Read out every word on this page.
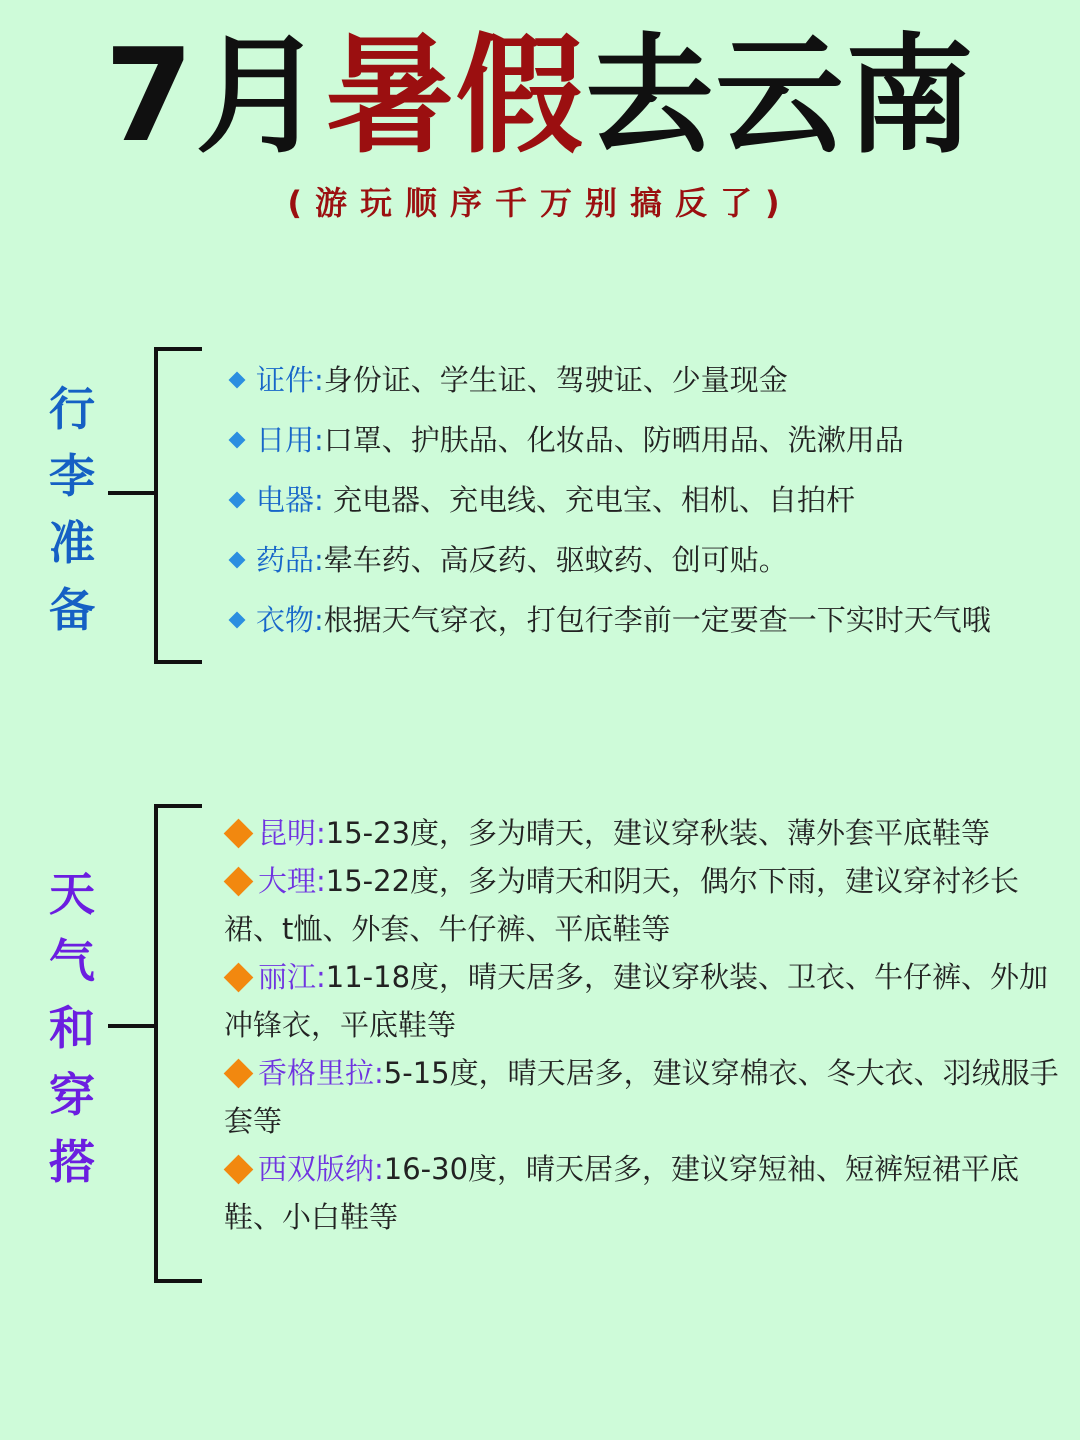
7月暑假去云南
(游玩顺序千万别搞反了)
行
李
准
备
证件:身份证、学生证、驾驶证、少量现金
日用:口罩、护肤品、化妆品、防晒用品、洗漱用品
电器: 充电器、充电线、充电宝、相机、自拍杆
药品:晕车药、高反药、驱蚊药、创可贴。
衣物:根据天气穿衣，打包行李前一定要查一下实时天气哦
天
气
和
穿
搭
昆明:15-23度，多为晴天，建议穿秋装、薄外套平底鞋等
大理:15-22度，多为晴天和阴天，偶尔下雨，建议穿衬衫长裙、t恤、外套、牛仔裤、平底鞋等
丽江:11-18度，晴天居多，建议穿秋装、卫衣、牛仔裤、外加冲锋衣，平底鞋等
香格里拉:5-15度，晴天居多，建议穿棉衣、冬大衣、羽绒服手套等
西双版纳:16-30度，晴天居多，建议穿短袖、短裤短裙平底鞋、小白鞋等
